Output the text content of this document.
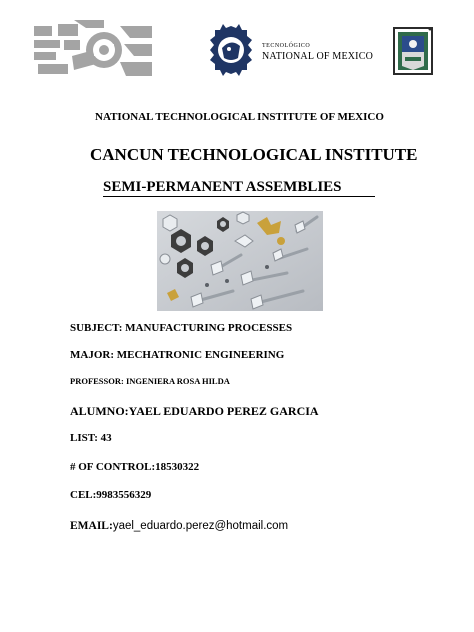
TECNOLÓGICO
NATIONAL OF MEXICO
NATIONAL TECHNOLOGICAL INSTITUTE OF MEXICO
CANCUN TECHNOLOGICAL INSTITUTE
SEMI-PERMANENT ASSEMBLIES
SUBJECT: MANUFACTURING PROCESSES
MAJOR: MECHATRONIC ENGINEERING
PROFESSOR: INGENIERA ROSA HILDA
ALUMNO:YAEL EDUARDO PEREZ GARCIA
LIST: 43
# OF CONTROL:18530322
CEL:9983556329
EMAIL:yael_eduardo.perez@hotmail.com
